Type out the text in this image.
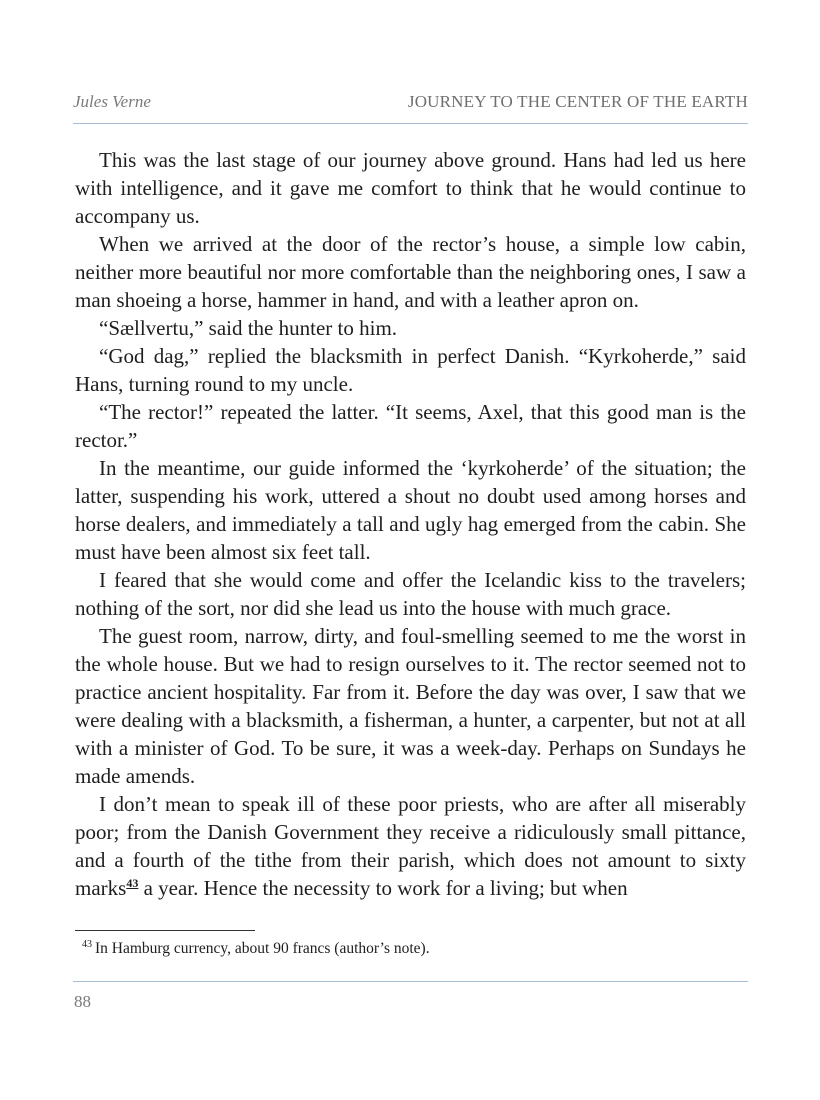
Jules Verne	JOURNEY TO THE CENTER OF THE EARTH

This was the last stage of our journey above ground. Hans had led us here with intelligence, and it gave me comfort to think that he would continue to accompany us.

When we arrived at the door of the rector’s house, a simple low cabin, neither more beautiful nor more comfortable than the neighboring ones, I saw a man shoeing a horse, hammer in hand, and with a leather apron on.

“Sællvertu,” said the hunter to him.

“God dag,” replied the blacksmith in perfect Danish. “Kyrkoherde,” said Hans, turning round to my uncle.

“The rector!” repeated the latter. “It seems, Axel, that this good man is the rector.”

In the meantime, our guide informed the ‘kyrkoherde’ of the situation; the latter, suspending his work, uttered a shout no doubt used among horses and horse dealers, and immediately a tall and ugly hag emerged from the cabin. She must have been almost six feet tall.

I feared that she would come and offer the Icelandic kiss to the travelers; nothing of the sort, nor did she lead us into the house with much grace.

The guest room, narrow, dirty, and foul-smelling seemed to me the worst in the whole house. But we had to resign ourselves to it. The rector seemed not to practice ancient hospitality. Far from it. Before the day was over, I saw that we were dealing with a blacksmith, a fisherman, a hunter, a carpenter, but not at all with a minister of God. To be sure, it was a week-day. Perhaps on Sundays he made amends.

I don’t mean to speak ill of these poor priests, who are after all miserably poor; from the Danish Government they receive a ridiculously small pittance, and a fourth of the tithe from their parish, which does not amount to sixty marks$^{43}$ a year. Hence the necessity to work for a living; but when

$^{43}$ In Hamburg currency, about 90 francs (author’s note).
88
